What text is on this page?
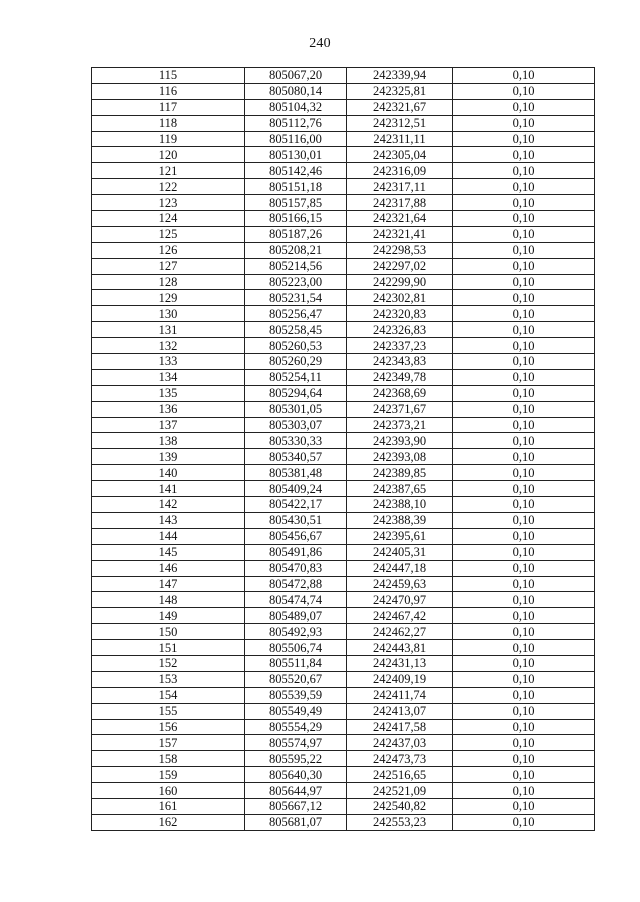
240
115	805067,20	242339,94	0,10
116	805080,14	242325,81	0,10
117	805104,32	242321,67	0,10
118	805112,76	242312,51	0,10
119	805116,00	242311,11	0,10
120	805130,01	242305,04	0,10
121	805142,46	242316,09	0,10
122	805151,18	242317,11	0,10
123	805157,85	242317,88	0,10
124	805166,15	242321,64	0,10
125	805187,26	242321,41	0,10
126	805208,21	242298,53	0,10
127	805214,56	242297,02	0,10
128	805223,00	242299,90	0,10
129	805231,54	242302,81	0,10
130	805256,47	242320,83	0,10
131	805258,45	242326,83	0,10
132	805260,53	242337,23	0,10
133	805260,29	242343,83	0,10
134	805254,11	242349,78	0,10
135	805294,64	242368,69	0,10
136	805301,05	242371,67	0,10
137	805303,07	242373,21	0,10
138	805330,33	242393,90	0,10
139	805340,57	242393,08	0,10
140	805381,48	242389,85	0,10
141	805409,24	242387,65	0,10
142	805422,17	242388,10	0,10
143	805430,51	242388,39	0,10
144	805456,67	242395,61	0,10
145	805491,86	242405,31	0,10
146	805470,83	242447,18	0,10
147	805472,88	242459,63	0,10
148	805474,74	242470,97	0,10
149	805489,07	242467,42	0,10
150	805492,93	242462,27	0,10
151	805506,74	242443,81	0,10
152	805511,84	242431,13	0,10
153	805520,67	242409,19	0,10
154	805539,59	242411,74	0,10
155	805549,49	242413,07	0,10
156	805554,29	242417,58	0,10
157	805574,97	242437,03	0,10
158	805595,22	242473,73	0,10
159	805640,30	242516,65	0,10
160	805644,97	242521,09	0,10
161	805667,12	242540,82	0,10
162	805681,07	242553,23	0,10
